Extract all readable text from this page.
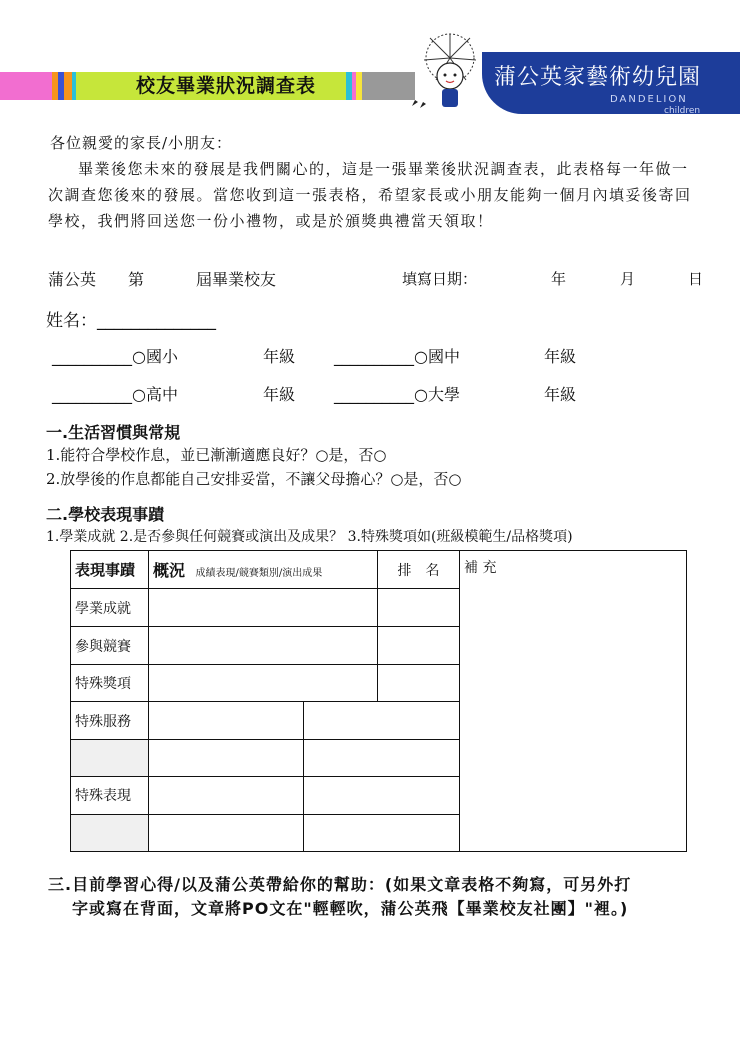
校友畢業狀況調查表	蒲公英家藝術幼兒園
DANDELION
children
各位親愛的家長/小朋友：
畢業後您未來的發展是我們關心的，這是一張畢業後狀況調查表，此表格每一年做一次調查您後來的發展。當您收到這一張表格，希望家長或小朋友能夠一個月內填妥後寄回學校，我們將回送您一份小禮物，或是於頒獎典禮當天領取！
蒲公英 第	屆畢業校友	填寫日期：	年	月	日
姓名：______________
__________○國小	年級 __________○國中	年級
__________○高中	年級 __________○大學	年級
一.生活習慣與常規
1.能符合學校作息，並已漸漸適應良好？○是，否○
2.放學後的作息都能自己安排妥當，不讓父母擔心？○是，否○
二.學校表現事蹟
1.學業成就 2.是否參與任何競賽或演出及成果？ 3.特殊獎項如(班級模範生/品格獎項)
表現事蹟	概況 成績表現/競賽類別/演出成果		排　名	補 充
學業成就				
參與競賽				
特殊獎項				
特殊服務				

特殊表現				

三.目前學習心得/以及蒲公英帶給你的幫助：(如果文章表格不夠寫，可另外打
字或寫在背面，文章將PO文在"輕輕吹，蒲公英飛【畢業校友社團】"裡。)
